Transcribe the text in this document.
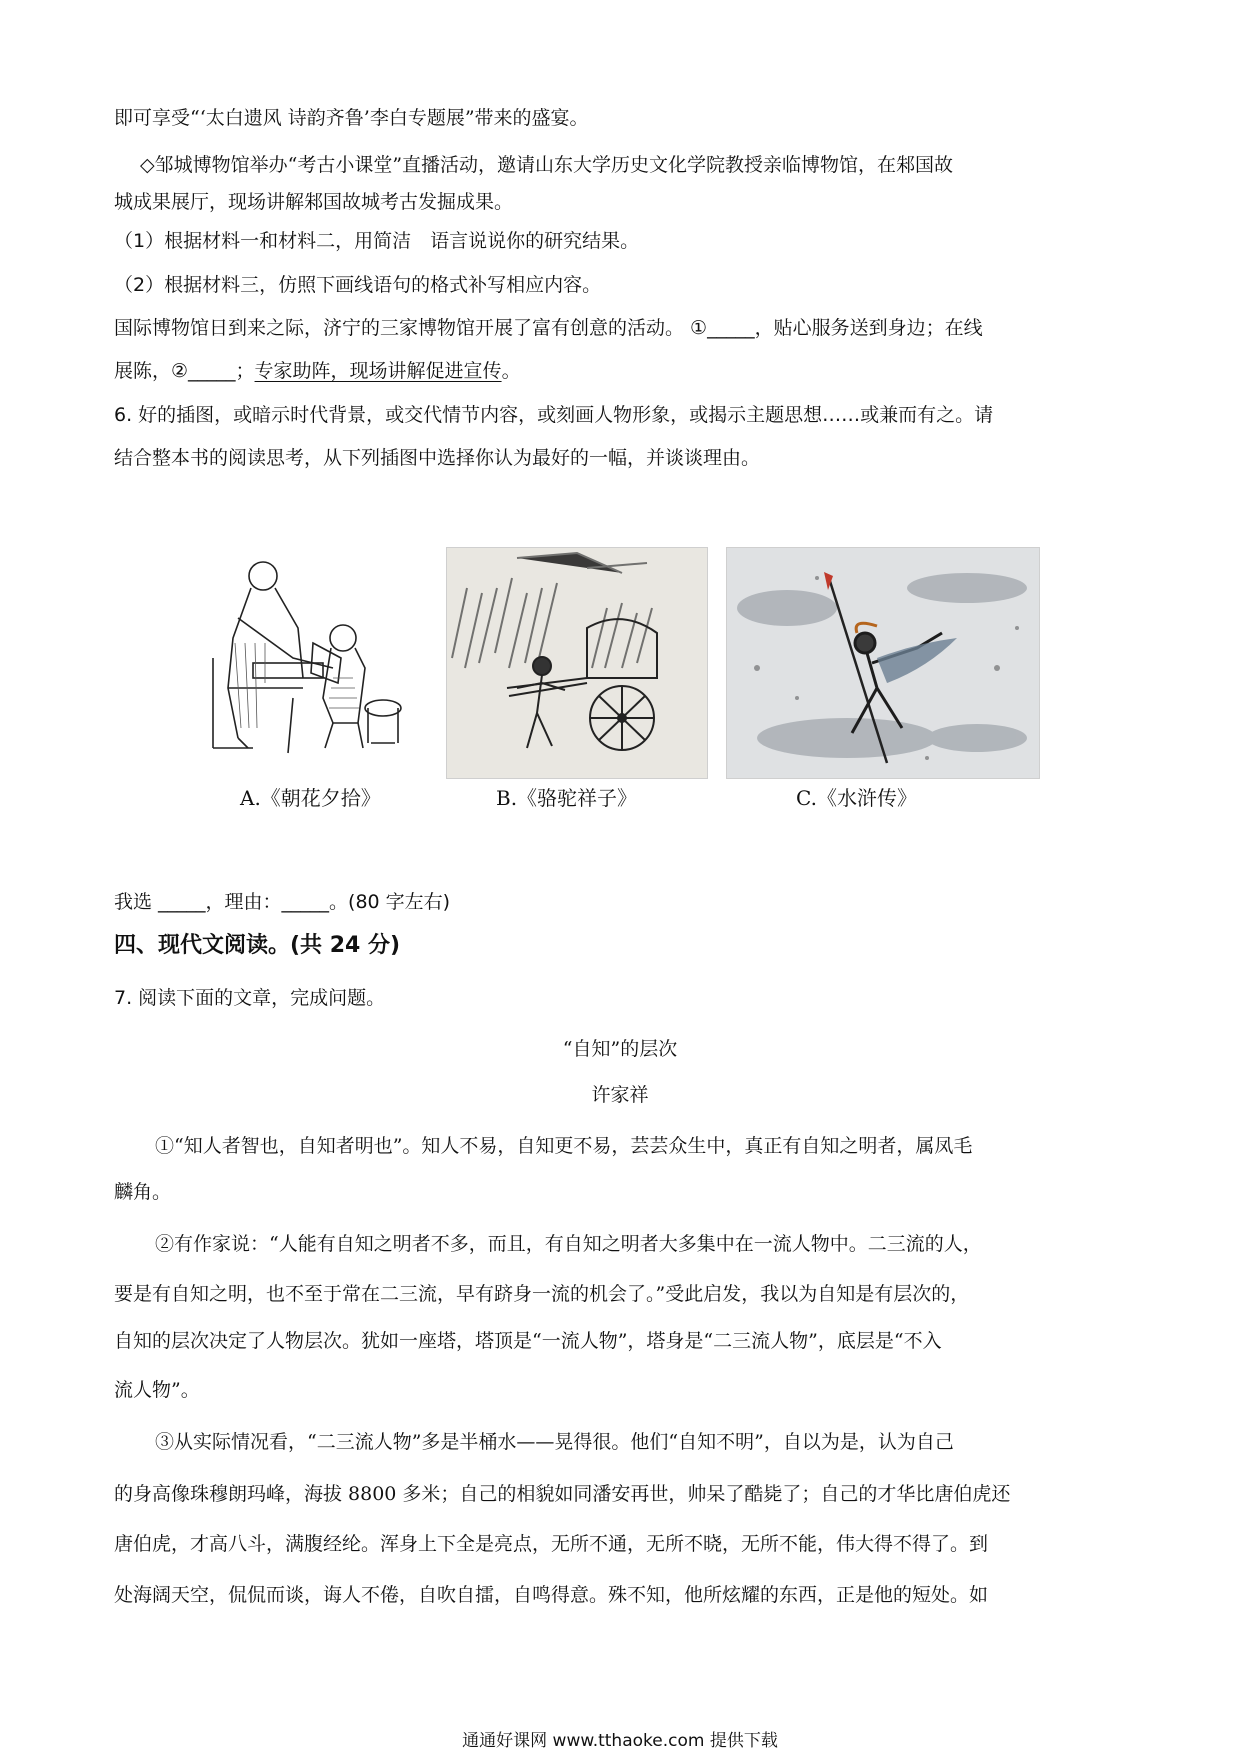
即可享受“‘太白遗风 诗韵齐鲁’李白专题展”带来的盛宴。
◇邹城博物馆举办“考古小课堂”直播活动，邀请山东大学历史文化学院教授亲临博物馆，在邾国故
城成果展厅，现场讲解邾国故城考古发掘成果。
（1）根据材料一和材料二，用简洁　语言说说你的研究结果。
（2）根据材料三，仿照下画线语句的格式补写相应内容。
国际博物馆日到来之际，济宁的三家博物馆开展了富有创意的活动。 ①_____，贴心服务送到身边；在线
展陈，②_____；专家助阵，现场讲解促进宣传。
6. 好的插图，或暗示时代背景，或交代情节内容，或刻画人物形象，或揭示主题思想……或兼而有之。请
结合整本书的阅读思考，从下列插图中选择你认为最好的一幅，并谈谈理由。
A.《朝花夕拾》	B.《骆驼祥子》	C.《水浒传》
我选 _____，理由：_____。(80 字左右)
四、现代文阅读。(共 24 分)
7. 阅读下面的文章，完成问题。
“自知”的层次
许家祥
①“知人者智也，自知者明也”。知人不易，自知更不易，芸芸众生中，真正有自知之明者，属凤毛
麟角。
②有作家说：“人能有自知之明者不多，而且，有自知之明者大多集中在一流人物中。二三流的人，
要是有自知之明，也不至于常在二三流，早有跻身一流的机会了。”受此启发，我以为自知是有层次的，
自知的层次决定了人物层次。犹如一座塔，塔顶是“一流人物”，塔身是“二三流人物”，底层是“不入
流人物”。
③从实际情况看，“二三流人物”多是半桶水——晃得很。他们“自知不明”，自以为是，认为自己
的身高像珠穆朗玛峰，海拔 8800 多米；自己的相貌如同潘安再世，帅呆了酷毙了；自己的才华比唐伯虎还
唐伯虎，才高八斗，满腹经纶。浑身上下全是亮点，无所不通，无所不晓，无所不能，伟大得不得了。到
处海阔天空，侃侃而谈，诲人不倦，自吹自擂，自鸣得意。殊不知，他所炫耀的东西，正是他的短处。如
通通好课网 www.tthaoke.com 提供下载
